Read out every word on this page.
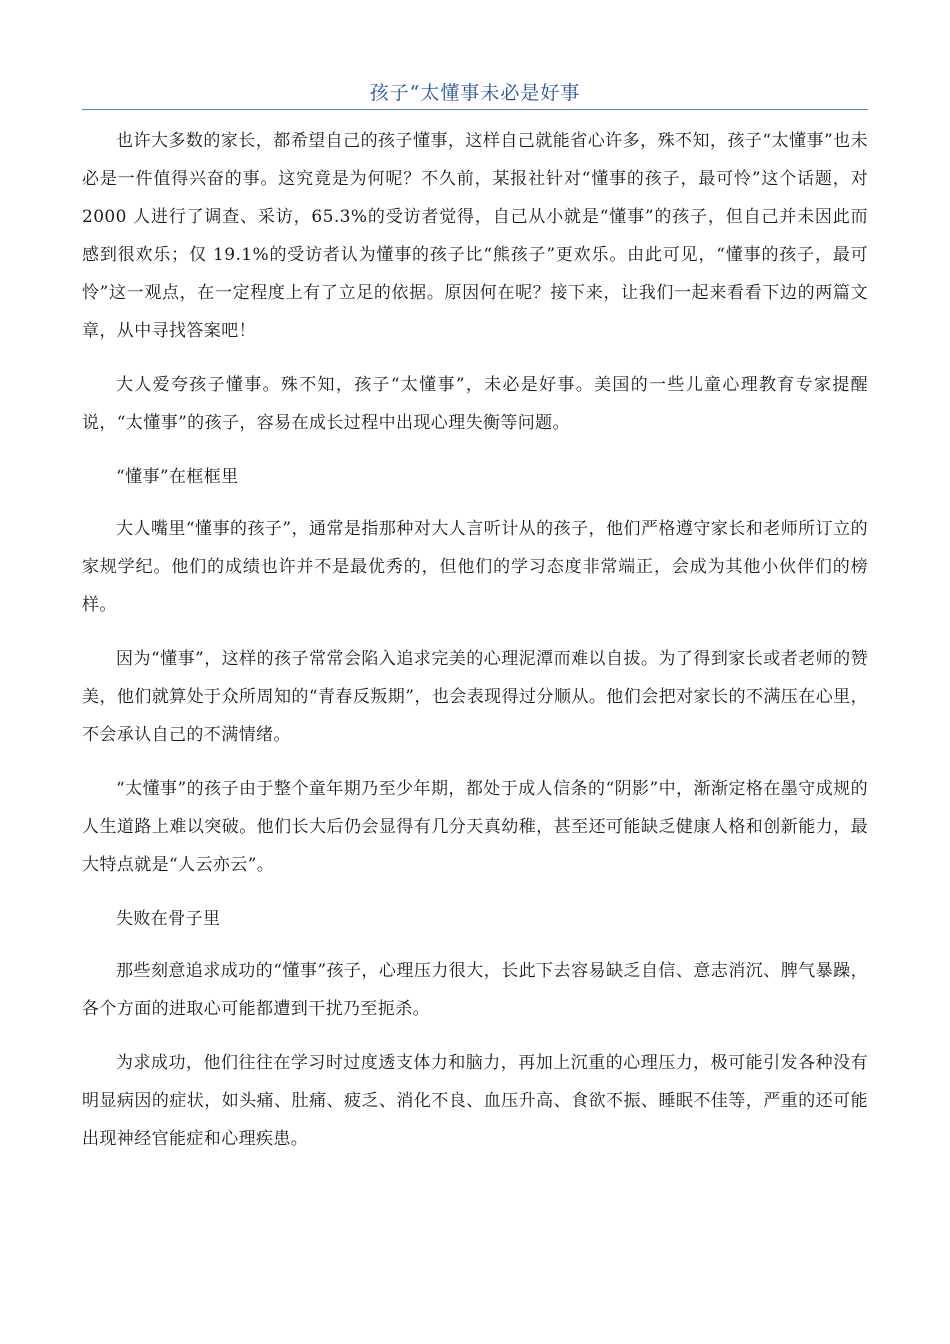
孩子“太懂事未必是好事

也许大多数的家长，都希望自己的孩子懂事，这样自己就能省心许多，殊不知，孩子“太懂事”也未必是一件值得兴奋的事。这究竟是为何呢？不久前，某报社针对“懂事的孩子，最可怜”这个话题，对 2000 人进行了调查、采访，65.3%的受访者觉得，自己从小就是“懂事”的孩子，但自己并未因此而感到很欢乐；仅 19.1%的受访者认为懂事的孩子比“熊孩子”更欢乐。由此可见，“懂事的孩子，最可怜”这一观点，在一定程度上有了立足的依据。原因何在呢？接下来，让我们一起来看看下边的两篇文章，从中寻找答案吧！

大人爱夸孩子懂事。殊不知，孩子“太懂事”，未必是好事。美国的一些儿童心理教育专家提醒说，“太懂事”的孩子，容易在成长过程中出现心理失衡等问题。

“懂事”在框框里

大人嘴里“懂事的孩子”，通常是指那种对大人言听计从的孩子，他们严格遵守家长和老师所订立的家规学纪。他们的成绩也许并不是最优秀的，但他们的学习态度非常端正，会成为其他小伙伴们的榜样。

因为“懂事”，这样的孩子常常会陷入追求完美的心理泥潭而难以自拔。为了得到家长或者老师的赞美，他们就算处于众所周知的“青春反叛期”，也会表现得过分顺从。他们会把对家长的不满压在心里，不会承认自己的不满情绪。

“太懂事”的孩子由于整个童年期乃至少年期，都处于成人信条的“阴影”中，渐渐定格在墨守成规的人生道路上难以突破。他们长大后仍会显得有几分天真幼稚，甚至还可能缺乏健康人格和创新能力，最大特点就是“人云亦云”。

失败在骨子里

那些刻意追求成功的“懂事”孩子，心理压力很大，长此下去容易缺乏自信、意志消沉、脾气暴躁，各个方面的进取心可能都遭到干扰乃至扼杀。

为求成功，他们往往在学习时过度透支体力和脑力，再加上沉重的心理压力，极可能引发各种没有明显病因的症状，如头痛、肚痛、疲乏、消化不良、血压升高、食欲不振、睡眠不佳等，严重的还可能出现神经官能症和心理疾患。
